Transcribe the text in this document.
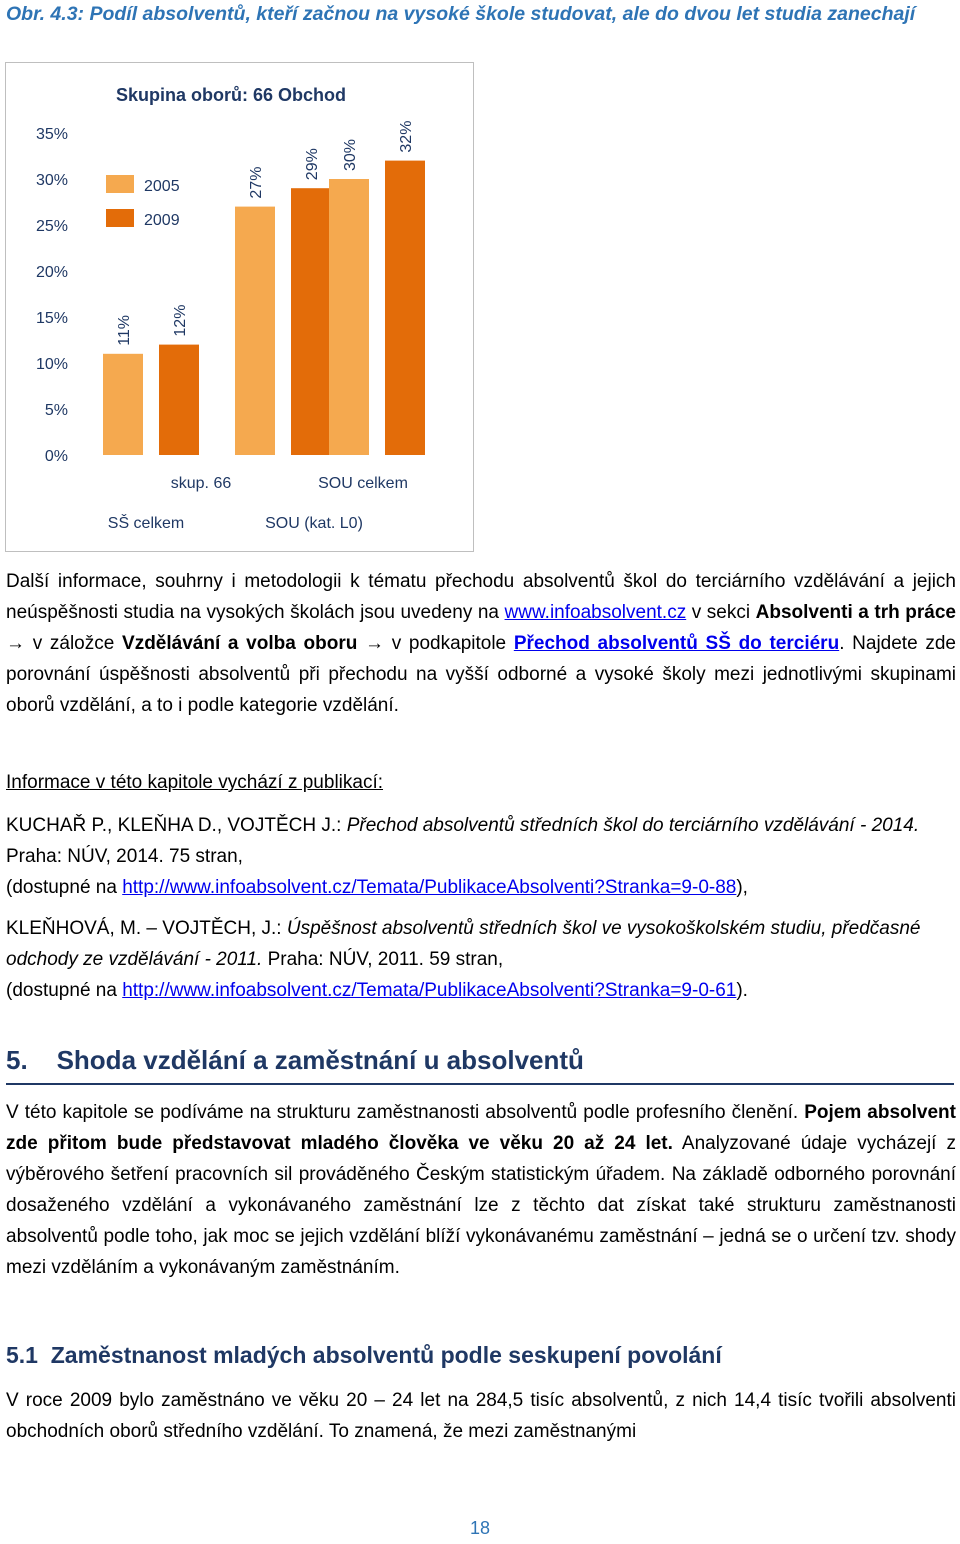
Obr. 4.3: Podíl absolventů, kteří začnou na vysoké škole studovat, ale do dvou let studia zanechají
Skupina oborů: 66 Obchod
0%
5%
10%
15%
20%
25%
30%
35%
2005
2009
11% 12%
27%
29% 30%
32%
skup. 66	SOU celkem
SŠ celkem	SOU (kat. L0)
Další informace, souhrny i metodologii k tématu přechodu absolventů škol do terciárního vzdělávání a jejich neúspěšnosti studia na vysokých školách jsou uvedeny na www.infoabsolvent.cz v sekci Absolventi a trh práce → v záložce Vzdělávání a volba oboru → v podkapitole Přechod absolventů SŠ do terciéru. Najdete zde porovnání úspěšnosti absolventů při přechodu na vyšší odborné a vysoké školy mezi jednotlivými skupinami oborů vzdělání, a to i podle kategorie vzdělání.
Informace v této kapitole vychází z publikací:
KUCHAŘ P., KLEŇHA D., VOJTĚCH J.: Přechod absolventů středních škol do terciárního vzdělávání - 2014. Praha: NÚV, 2014. 75 stran,
(dostupné na http://www.infoabsolvent.cz/Temata/PublikaceAbsolventi?Stranka=9-0-88),
KLEŇHOVÁ, M. – VOJTĚCH, J.: Úspěšnost absolventů středních škol ve vysokoškolském studiu, předčasné odchody ze vzdělávání - 2011. Praha: NÚV, 2011. 59 stran,
(dostupné na http://www.infoabsolvent.cz/Temata/PublikaceAbsolventi?Stranka=9-0-61).
5.    Shoda vzdělání a zaměstnání u absolventů
V této kapitole se podíváme na strukturu zaměstnanosti absolventů podle profesního členění. Pojem absolvent zde přitom bude představovat mladého člověka ve věku 20 až 24 let. Analyzované údaje vycházejí z výběrového šetření pracovních sil prováděného Českým statistickým úřadem. Na základě odborného porovnání dosaženého vzdělání a vykonávaného zaměstnání lze z těchto dat získat také strukturu zaměstnanosti absolventů podle toho, jak moc se jejich vzdělání blíží vykonávanému zaměstnání – jedná se o určení tzv. shody mezi vzděláním a vykonávaným zaměstnáním.
5.1  Zaměstnanost mladých absolventů podle seskupení povolání
V roce 2009 bylo zaměstnáno ve věku 20 – 24 let na 284,5 tisíc absolventů, z nich 14,4 tisíc tvořili absolventi obchodních oborů středního vzdělání. To znamená, že mezi zaměstnanými
18
